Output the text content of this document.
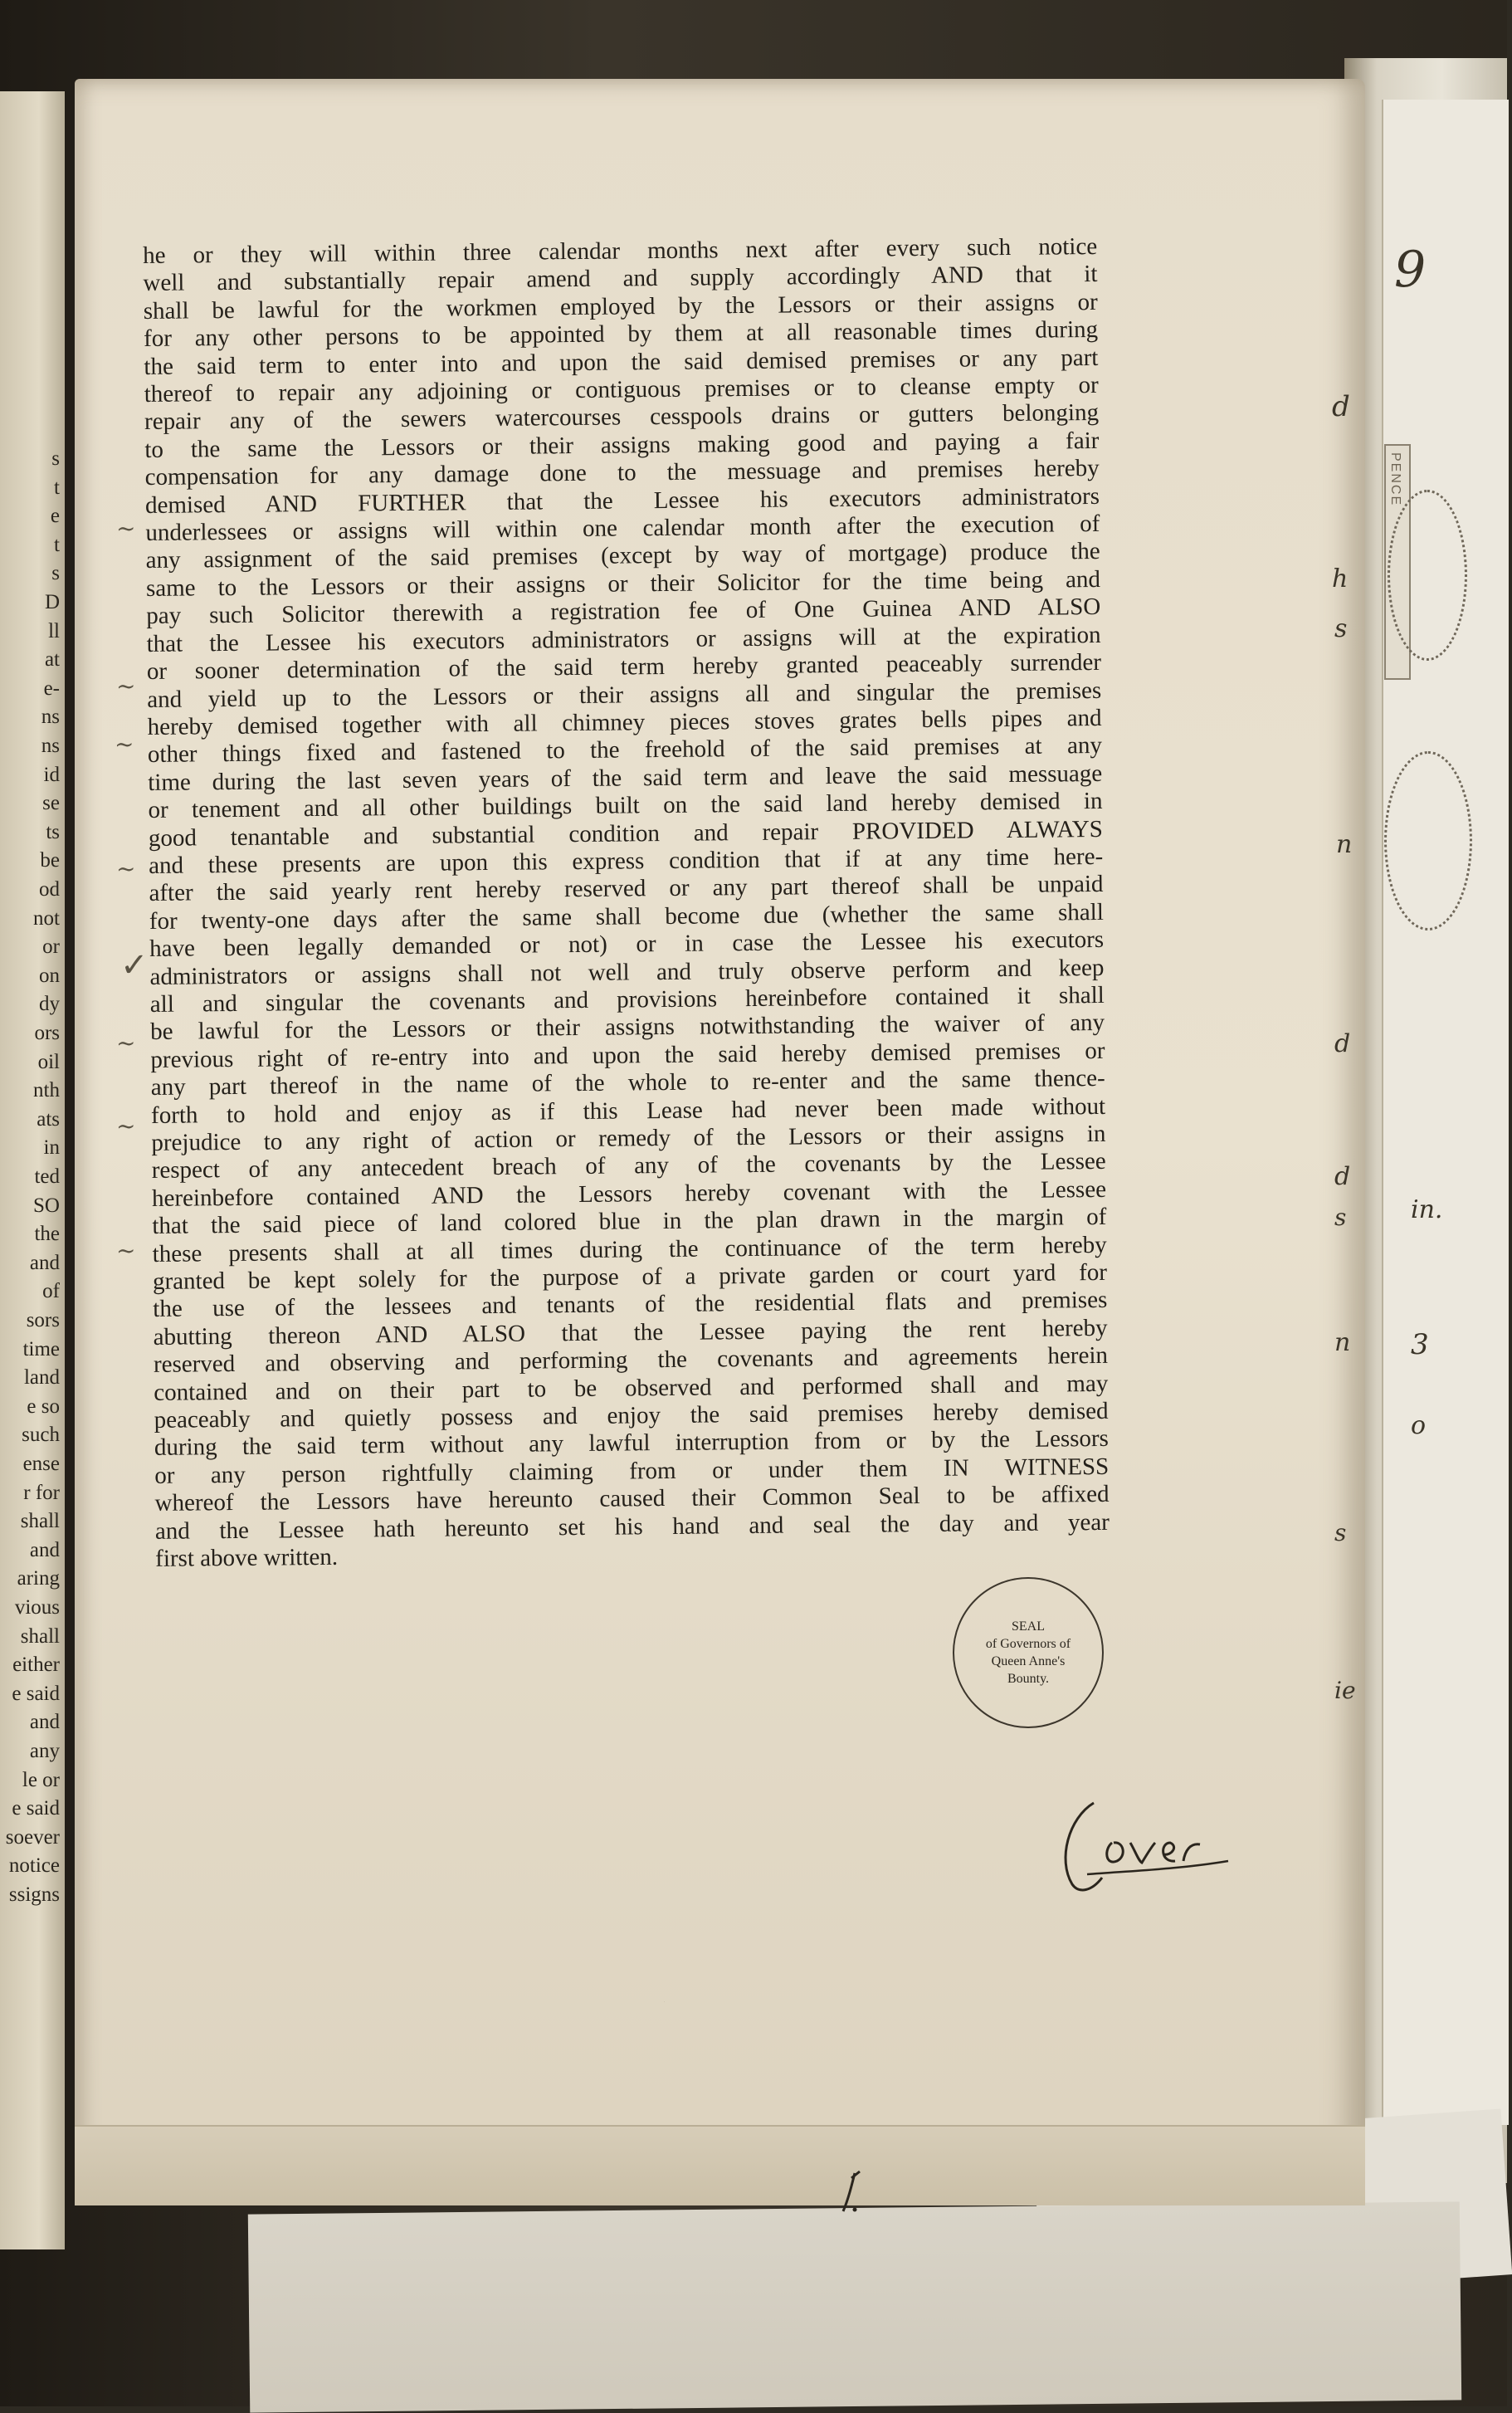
PENCE
s
t
e
t
s
D
ll
at
e-
ns
ns
id
se
ts
be
od
not
or
on
dy
ors
oil
nth
ats
in
ted
SO
the
and
of
sors
time
land
e so
such
ense
r for
shall
and
aring
vious
shall
either
e said
and
any
le or
e said
soever
notice
ssigns
he or they will within three calendar months next after every such notice
well and substantially repair amend and supply accordingly AND that it
shall be lawful for the workmen employed by the Lessors or their assigns or
for any other persons to be appointed by them at all reasonable times during
the said term to enter into and upon the said demised premises or any part
thereof to repair any adjoining or contiguous premises or to cleanse empty or
repair any of the sewers watercourses cesspools drains or gutters belonging
to the same the Lessors or their assigns making good and paying a fair
compensation for any damage done to the messuage and premises hereby
demised AND FURTHER that the Lessee his executors administrators
underlessees or assigns will within one calendar month after the execution of
any assignment of the said premises (except by way of mortgage) produce the
same to the Lessors or their assigns or their Solicitor for the time being and
pay such Solicitor therewith a registration fee of One Guinea AND ALSO
that the Lessee his executors administrators or assigns will at the expiration
or sooner determination of the said term hereby granted peaceably surrender
and yield up to the Lessors or their assigns all and singular the premises
hereby demised together with all chimney pieces stoves grates bells pipes and
other things fixed and fastened to the freehold of the said premises at any
time during the last seven years of the said term and leave the said messuage
or tenement and all other buildings built on the said land hereby demised in
good tenantable and substantial condition and repair PROVIDED ALWAYS
and these presents are upon this express condition that if at any time here-
after the said yearly rent hereby reserved or any part thereof shall be unpaid
for twenty-one days after the same shall become due (whether the same shall
have been legally demanded or not) or in case the Lessee his executors
administrators or assigns shall not well and truly observe perform and keep
all and singular the covenants and provisions hereinbefore contained it shall
be lawful for the Lessors or their assigns notwithstanding the waiver of any
previous right of re-entry into and upon the said hereby demised premises or
any part thereof in the name of the whole to re-enter and the same thence-
forth to hold and enjoy as if this Lease had never been made without
prejudice to any right of action or remedy of the Lessors or their assigns in
respect of any antecedent breach of any of the covenants by the Lessee
hereinbefore contained AND the Lessors hereby covenant with the Lessee
that the said piece of land colored blue in the plan drawn in the margin of
these presents shall at all times during the continuance of the term hereby
granted be kept solely for the purpose of a private garden or court yard for
the use of the lessees and tenants of the residential flats and premises
abutting thereon AND ALSO that the Lessee paying the rent hereby
reserved and observing and performing the covenants and agreements herein
contained and on their part to be observed and performed shall and may
peaceably and quietly possess and enjoy the said premises hereby demised
during the said term without any lawful interruption from or by the Lessors
or any person rightfully claiming from or under them IN WITNESS
whereof the Lessors have hereunto caused their Common Seal to be affixed
and the Lessee hath hereunto set his hand and seal the day and year
first above written.
~
~
~
~
~
~
~
✓
9
d
h
s
n
d
d
n
s	in.
3
o
s
ie
SEAL
of Governors of
Queen Anne's
Bounty.
1.
